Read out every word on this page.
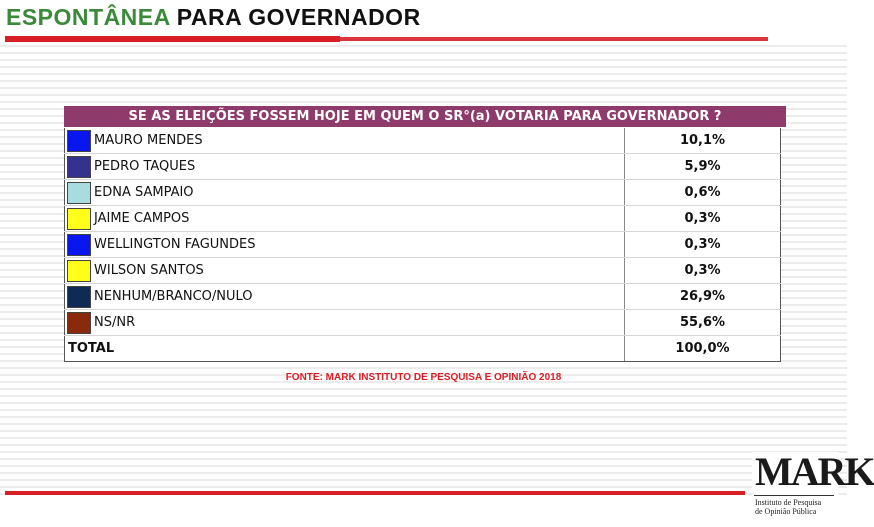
ESPONTÂNEA PARA GOVERNADOR
SE AS ELEIÇÕES FOSSEM HOJE EM QUEM O SR°(a) VOTARIA PARA GOVERNADOR ?
MAURO MENDES	10,1%

PEDRO TAQUES	5,9%

EDNA SAMPAIO	0,6%

JAIME CAMPOS	0,3%

WELLINGTON FAGUNDES	0,3%

WILSON SANTOS	0,3%

NENHUM/BRANCO/NULO	26,9%

NS/NR	55,6%

TOTAL	100,0%
FONTE: MARK INSTITUTO DE PESQUISA E OPINIÃO 2018
MARK
Instituto de Pesquisa
de Opinião Pública
